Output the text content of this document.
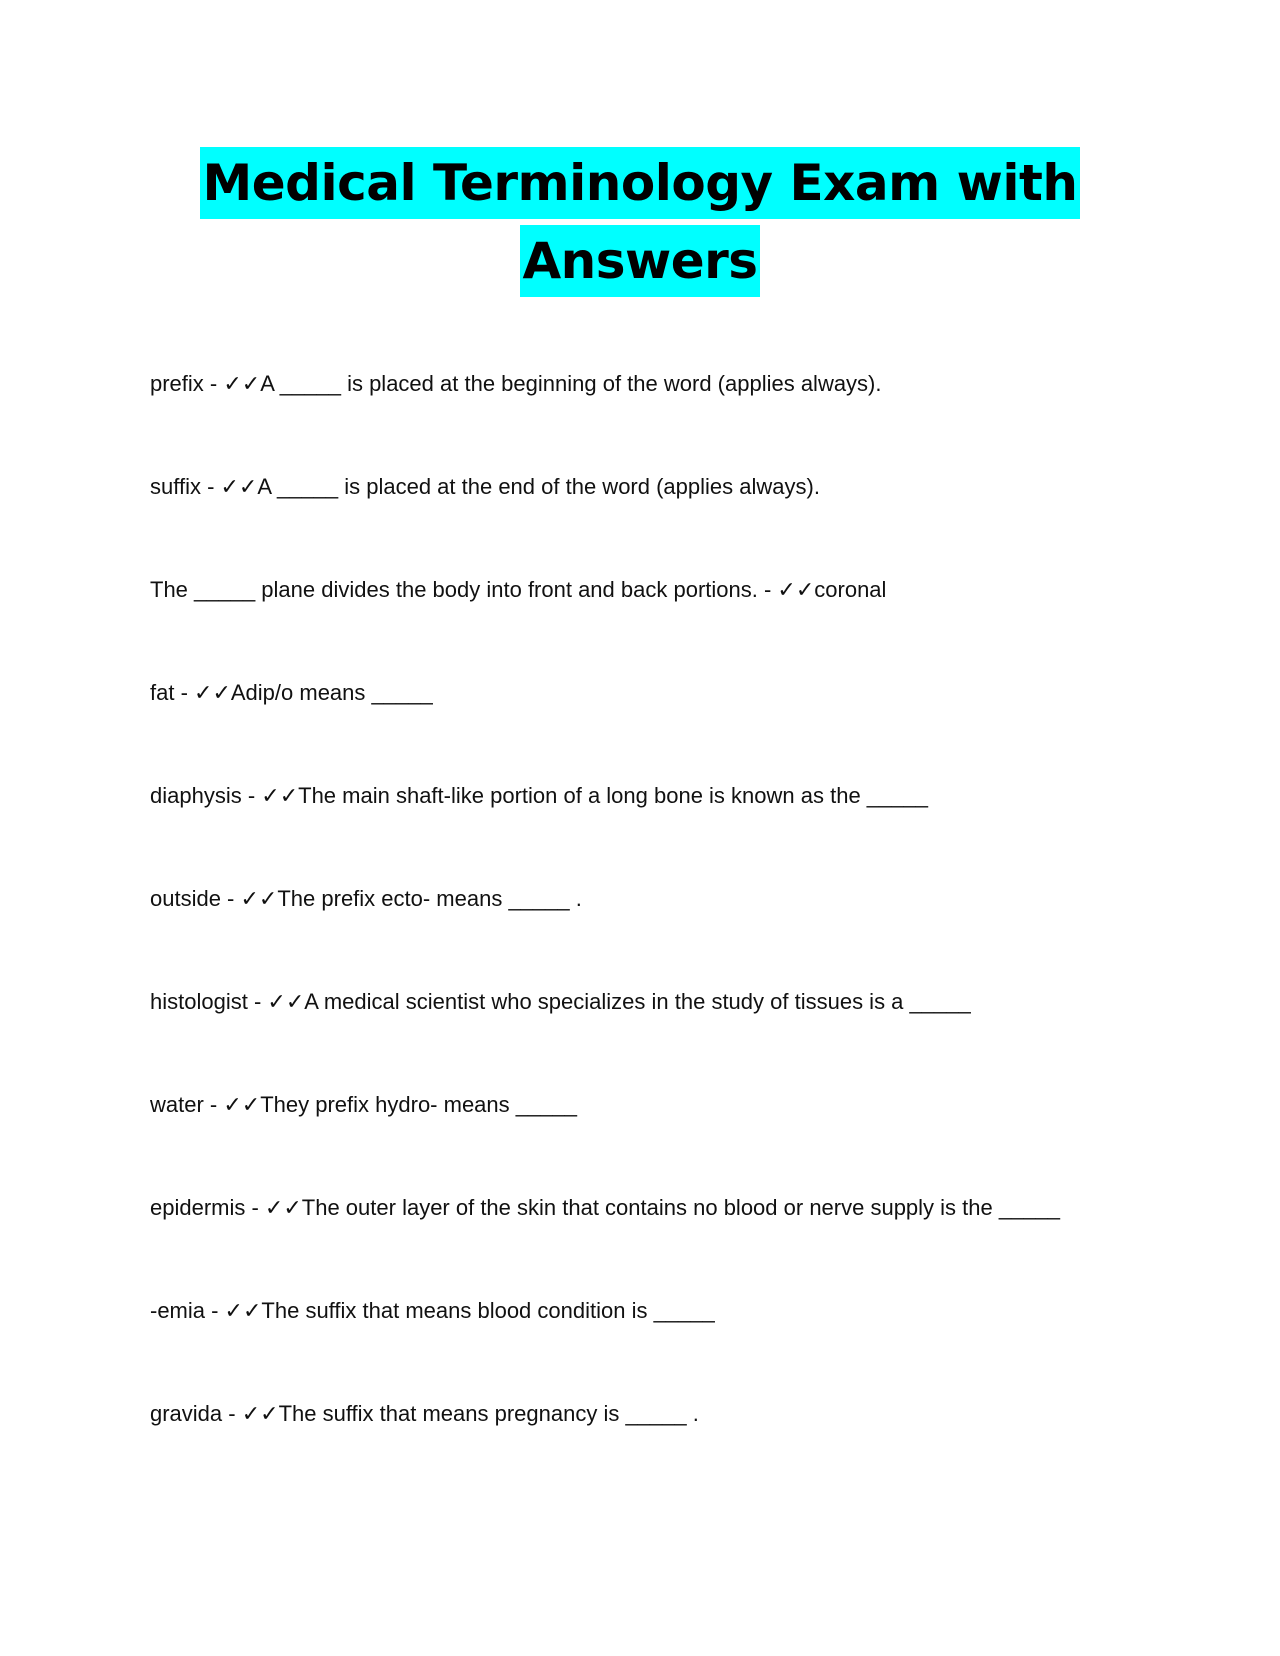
Medical Terminology Exam with
Answers
prefix - ✓✓A _____ is placed at the beginning of the word (applies always).
suffix - ✓✓A _____ is placed at the end of the word (applies always).
The _____ plane divides the body into front and back portions. - ✓✓coronal
fat - ✓✓Adip/o means _____
diaphysis - ✓✓The main shaft-like portion of a long bone is known as the _____
outside - ✓✓The prefix ecto- means _____ .
histologist - ✓✓A medical scientist who specializes in the study of tissues is a _____
water - ✓✓They prefix hydro- means _____
epidermis - ✓✓The outer layer of the skin that contains no blood or nerve supply is the _____
-emia - ✓✓The suffix that means blood condition is _____
gravida - ✓✓The suffix that means pregnancy is _____ .
